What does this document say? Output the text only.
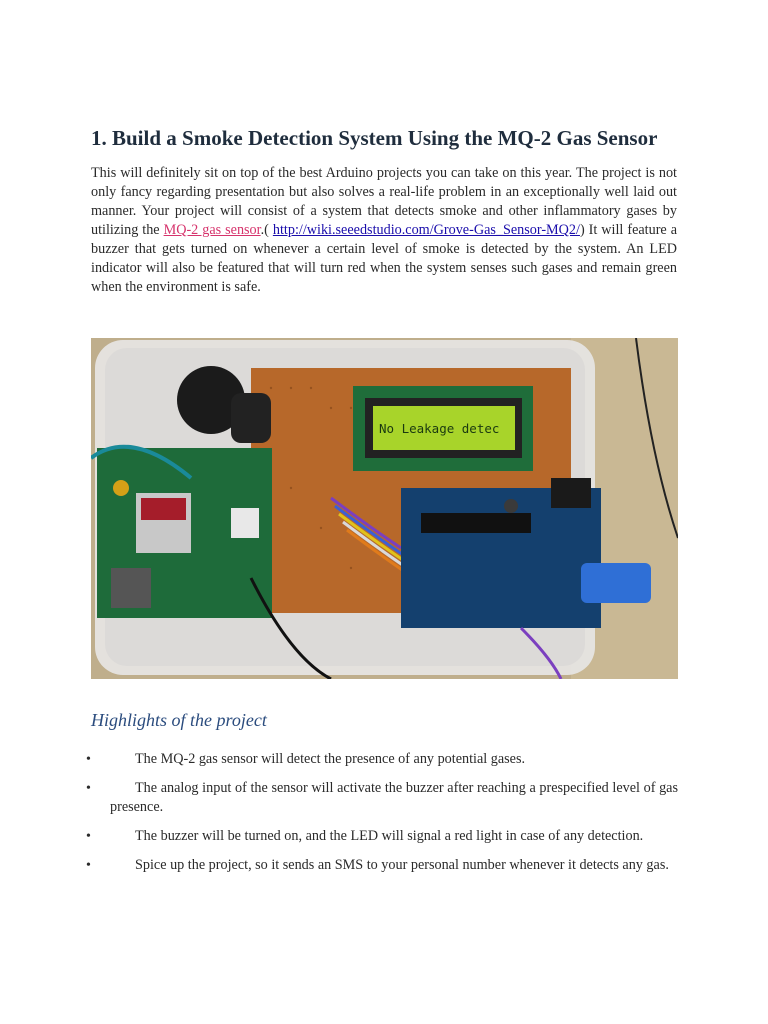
1. Build a Smoke Detection System Using the MQ-2 Gas Sensor
This will definitely sit on top of the best Arduino projects you can take on this year. The project is not only fancy regarding presentation but also solves a real-life problem in an exceptionally well laid out manner. Your project will consist of a system that detects smoke and other inflammatory gases by utilizing the MQ-2 gas sensor.( http://wiki.seeedstudio.com/Grove-Gas_Sensor-MQ2/) It will feature a buzzer that gets turned on whenever a certain level of smoke is detected by the system. An LED indicator will also be featured that will turn red when the system senses such gases and remain green when the environment is safe.
No Leakage detec
Highlights of the project
•	The MQ-2 gas sensor will detect the presence of any potential gases.
•	The analog input of the sensor will activate the buzzer after reaching a prespecified level of gas presence.
•	The buzzer will be turned on, and the LED will signal a red light in case of any detection.
•	Spice up the project, so it sends an SMS to your personal number whenever it detects any gas.
